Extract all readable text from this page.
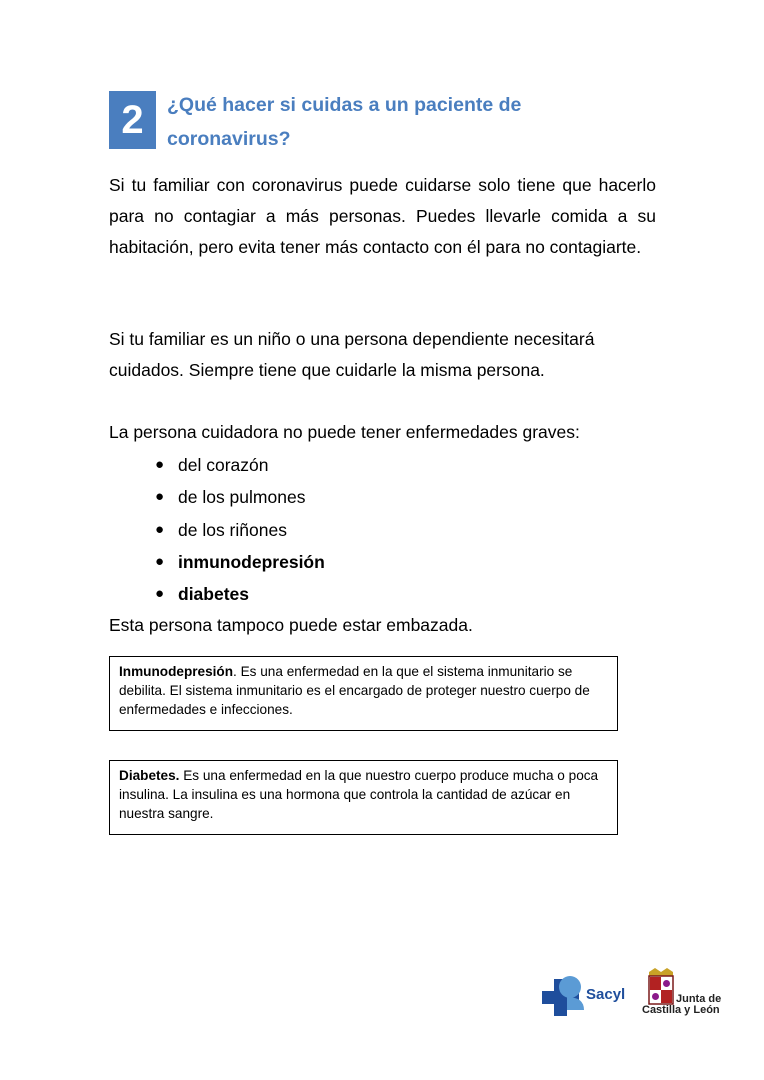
2	¿Qué hacer si cuidas a un paciente de coronavirus?

Si tu familiar con coronavirus puede cuidarse solo tiene que hacerlo para no contagiar a más personas. Puedes llevarle comida a su habitación, pero evita tener más contacto con él para no contagiarte.

Si tu familiar es un niño o una persona dependiente necesitará cuidados. Siempre tiene que cuidarle la misma persona.

La persona cuidadora no puede tener enfermedades graves:

● del corazón
● de los pulmones
● de los riñones
● inmunodepresión
● diabetes

Esta persona tampoco puede estar embazada.

Inmunodepresión. Es una enfermedad en la que el sistema inmunitario se debilita. El sistema inmunitario es el encargado de proteger nuestro cuerpo de enfermedades e infecciones.
Diabetes. Es una enfermedad en la que nuestro cuerpo produce mucha o poca insulina. La insulina es una hormona que controla la cantidad de azúcar en nuestra sangre.
Sacyl	Junta de
Castilla y León
